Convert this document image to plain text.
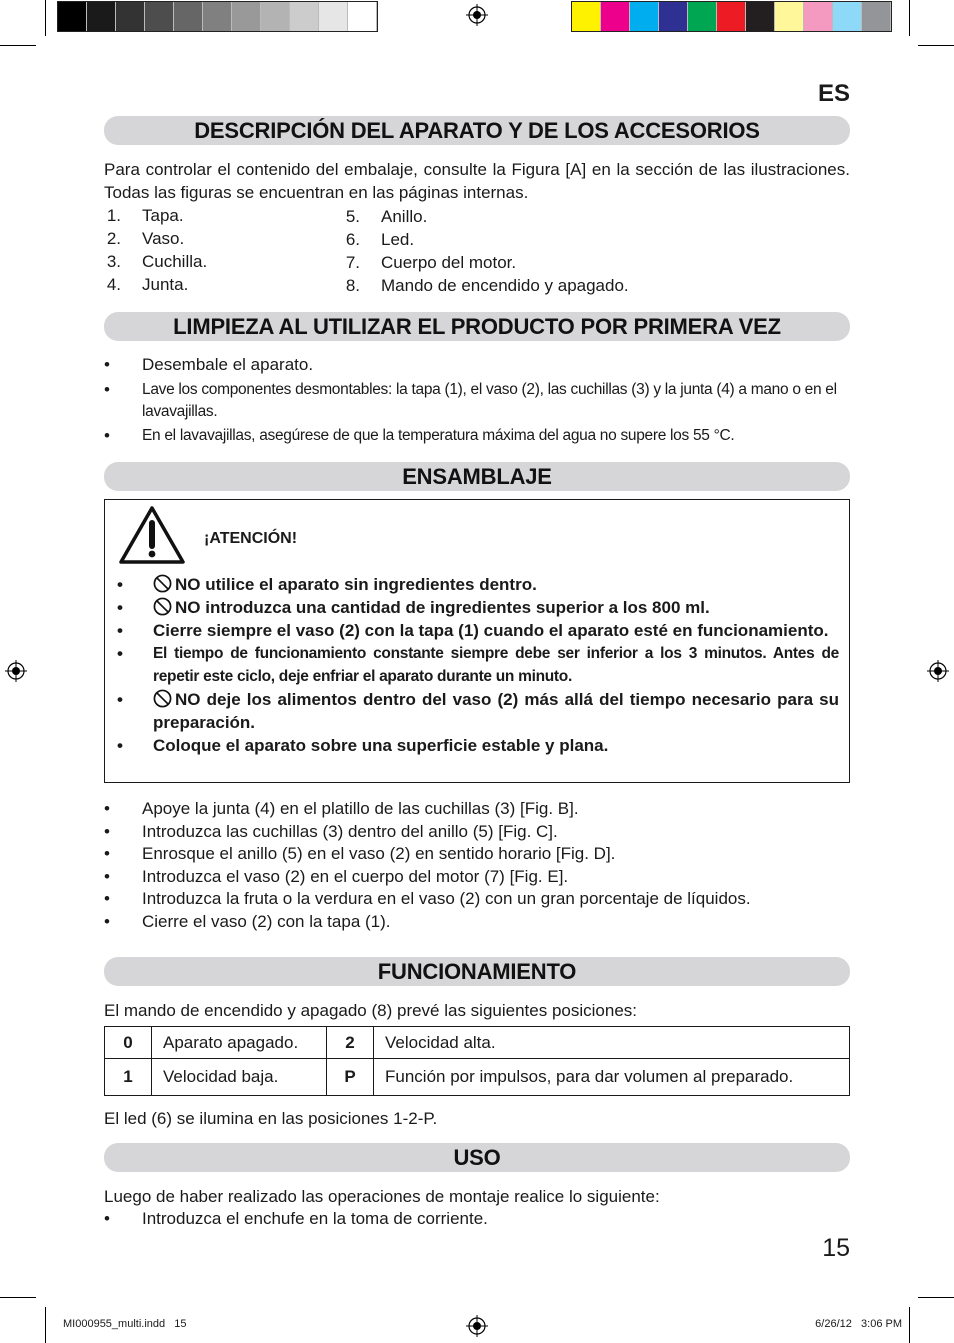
ES
DESCRIPCIÓN DEL APARATO Y DE LOS ACCESORIOS
Para controlar el contenido del embalaje, consulte la Figura [A] en la sección de las ilustraciones. Todas las figuras se encuentran en las páginas internas.
1.	Tapa.
2.	Vaso.
3.	Cuchilla.
4.	Junta.
5.	Anillo.
6.	Led.
7.	Cuerpo del motor.
8.	Mando de encendido y apagado.
LIMPIEZA AL UTILIZAR EL PRODUCTO POR PRIMERA VEZ
•	Desembale el aparato.
•	Lave los componentes desmontables: la tapa (1), el vaso (2), las cuchillas (3) y la junta (4) a mano o en el lavavajillas.
•	En el lavavajillas, asegúrese de que la temperatura máxima del agua no supere los 55 °C.
ENSAMBLAJE
¡ATENCIÓN!
•	NO utilice el aparato sin ingredientes dentro.
•	NO introduzca una cantidad de ingredientes superior a los 800 ml.
• Cierre siempre el vaso (2) con la tapa (1) cuando el aparato esté en funcionamiento.
• El tiempo de funcionamiento constante siempre debe ser inferior a los 3 minutos. Antes de repetir este ciclo, deje enfriar el aparato durante un minuto.
•	NO deje los alimentos dentro del vaso (2) más allá del tiempo necesario para su preparación.
• Coloque el aparato sobre una superficie estable y plana.
•	Apoye la junta (4) en el platillo de las cuchillas (3) [Fig. B].
•	Introduzca las cuchillas (3) dentro del anillo (5) [Fig. C].
•	Enrosque el anillo (5) en el vaso (2) en sentido horario [Fig. D].
•	Introduzca el vaso (2) en el cuerpo del motor (7) [Fig. E].
•	Introduzca la fruta o la verdura en el vaso (2) con un gran porcentaje de líquidos.
•	Cierre el vaso (2) con la tapa (1).
FUNCIONAMIENTO
El mando de encendido y apagado (8) prevé las siguientes posiciones:
0	Aparato apagado.	2	Velocidad alta.
1	Velocidad baja.	P	Función por impulsos, para dar volumen al preparado.
El led (6) se ilumina en las posiciones 1-2-P.
USO
Luego de haber realizado las operaciones de montaje realice lo siguiente:
•	Introduzca el enchufe en la toma de corriente.
15
MI000955_multi.indd 15	6/26/12   3:06 PM
